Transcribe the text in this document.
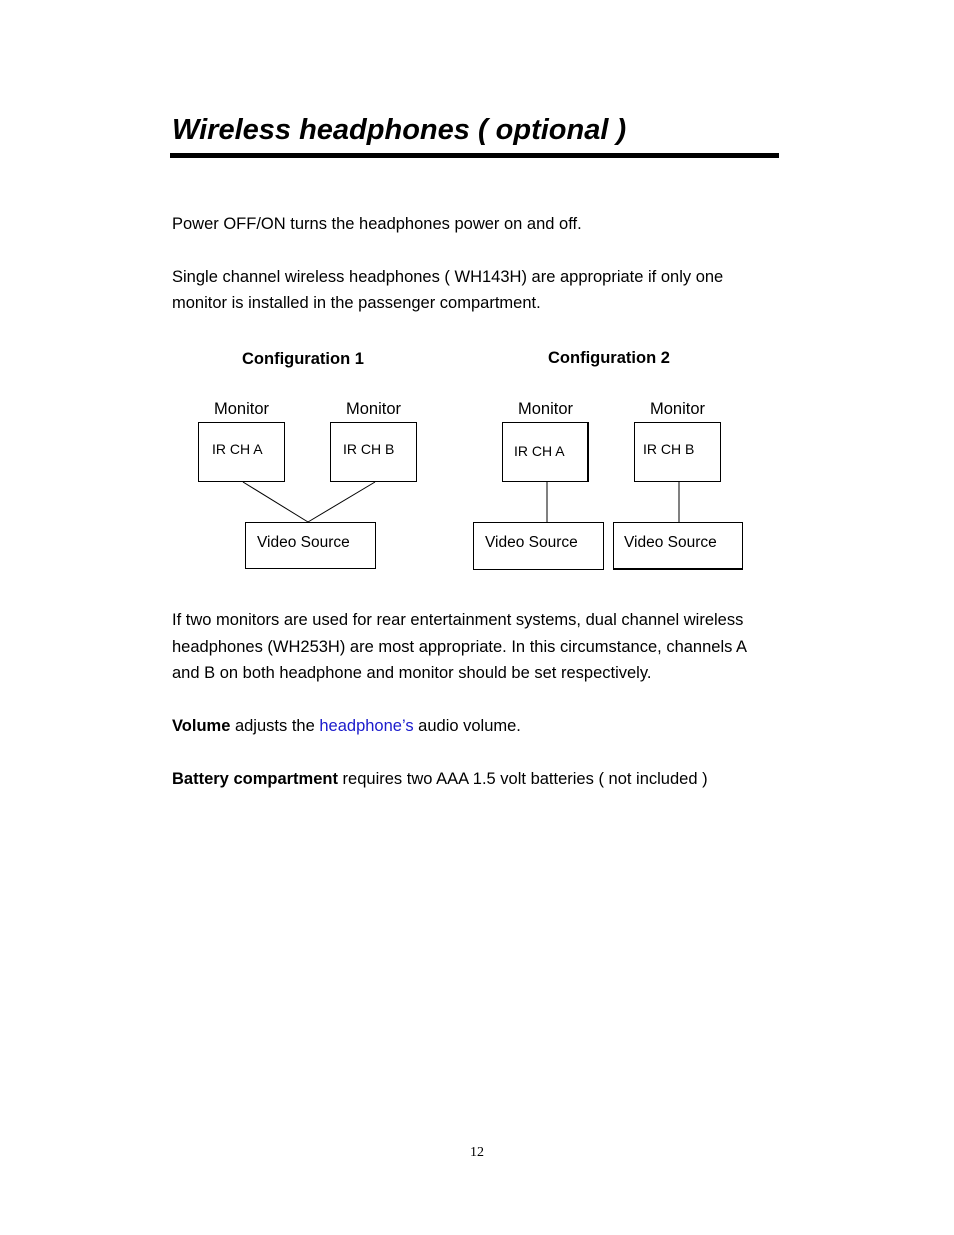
Wireless headphones ( optional )
Power OFF/ON turns the headphones power on and off.
Single channel wireless headphones ( WH143H) are appropriate if only one
monitor is installed in the passenger compartment.
Configuration 1
Monitor	Monitor
IR CH A	IR CH B
Video Source
Configuration 2
Monitor	Monitor
IR CH A	IR CH B
Video Source	Video Source
If two monitors are used for rear entertainment systems, dual channel wireless
headphones (WH253H) are most appropriate. In this circumstance, channels A
and B on both headphone and monitor should be set respectively.
Volume adjusts the headphone’s audio volume.
Battery compartment requires two AAA 1.5 volt batteries ( not included )
12
